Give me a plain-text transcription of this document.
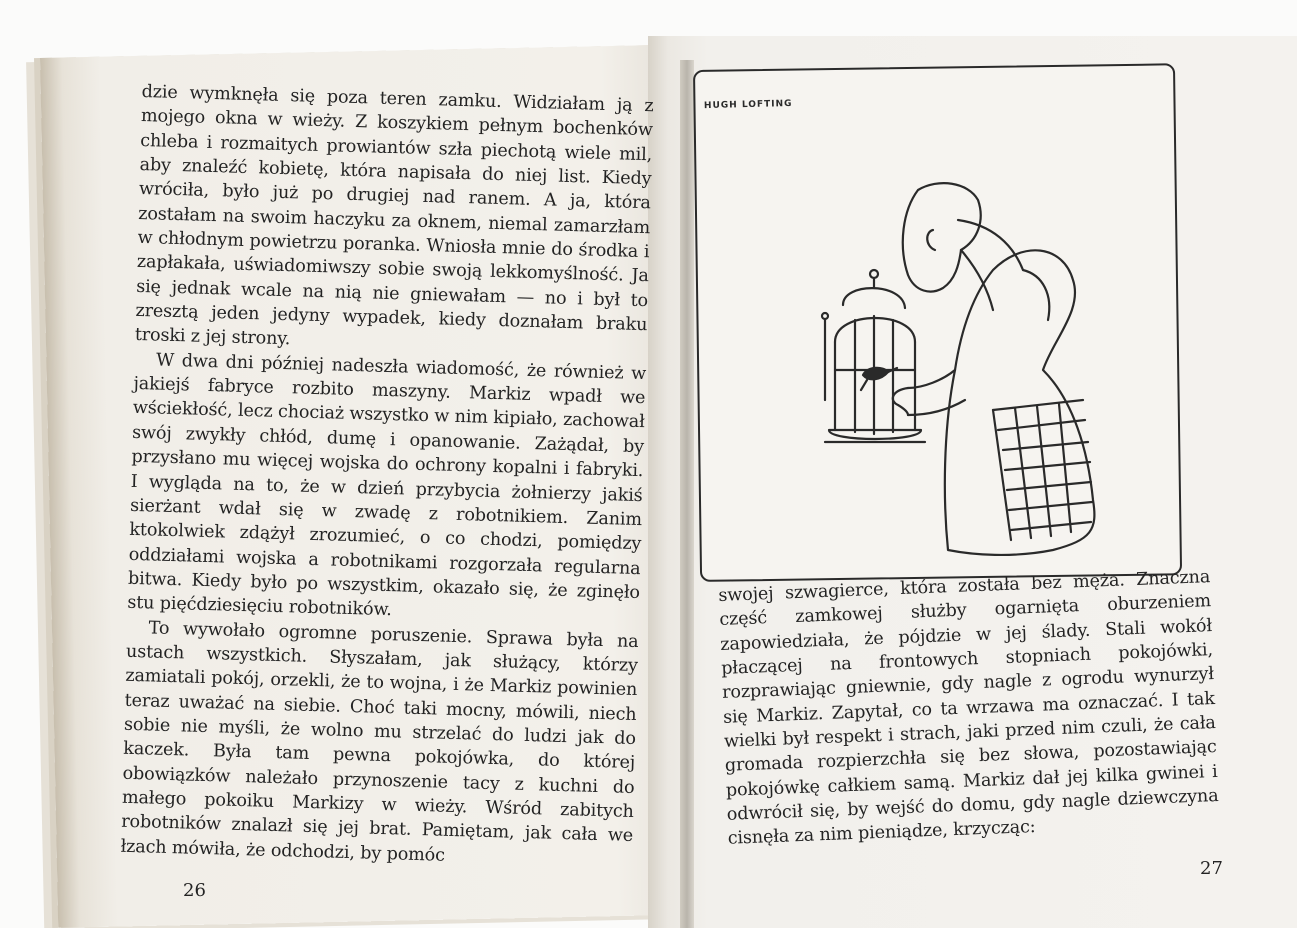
dzie wymknęła się poza teren zamku. Widziałam ją z mojego okna w wieży. Z koszykiem pełnym bochenków chleba i rozmaitych prowiantów szła piechotą wiele mil, aby znaleźć kobietę, która napisała do niej list. Kiedy wróciła, było już po drugiej nad ranem. A ja, która zostałam na swoim haczyku za oknem, niemal zamarzłam w chłodnym powietrzu poranka. Wniosła mnie do środka i zapłakała, uświadomiwszy sobie swoją lekkomyślność. Ja się jednak wcale na nią nie gniewałam — no i był to zresztą jeden jedyny wypadek, kiedy doznałam braku troski z jej strony.

W dwa dni później nadeszła wiadomość, że również w jakiejś fabryce rozbito maszyny. Markiz wpadł we wściekłość, lecz chociaż wszystko w nim kipiało, zachował swój zwykły chłód, dumę i opanowanie. Zażądał, by przysłano mu więcej wojska do ochrony kopalni i fabryki. I wygląda na to, że w dzień przybycia żołnierzy jakiś sierżant wdał się w zwadę z robotnikiem. Zanim ktokolwiek zdążył zrozumieć, o co chodzi, pomiędzy oddziałami wojska a robotnikami rozgorzała regularna bitwa. Kiedy było po wszystkim, okazało się, że zginęło stu pięćdziesięciu robotników.

To wywołało ogromne poruszenie. Sprawa była na ustach wszystkich. Słyszałam, jak służący, którzy zamiatali pokój, orzekli, że to wojna, i że Markiz powinien teraz uważać na siebie. Choć taki mocny, mówili, niech sobie nie myśli, że wolno mu strzelać do ludzi jak do kaczek. Była tam pewna pokojówka, do której obowiązków należało przynoszenie tacy z kuchni do małego pokoiku Markizy w wieży. Wśród zabitych robotników znalazł się jej brat. Pamiętam, jak cała we łzach mówiła, że odchodzi, by pomóc

26
HUGH LOFTING

swojej szwagierce, która została bez męża. Znaczna część zamkowej służby ogarnięta oburzeniem zapowiedziała, że pójdzie w jej ślady. Stali wokół płaczącej na frontowych stopniach pokojówki, rozprawiając gniewnie, gdy nagle z ogrodu wynurzył się Markiz. Zapytał, co ta wrzawa ma oznaczać. I tak wielki był respekt i strach, jaki przed nim czuli, że cała gromada rozpierzchła się bez słowa, pozostawiając pokojówkę całkiem samą. Markiz dał jej kilka gwinei i odwrócił się, by wejść do domu, gdy nagle dziewczyna cisnęła za nim pieniądze, krzycząc:

27
